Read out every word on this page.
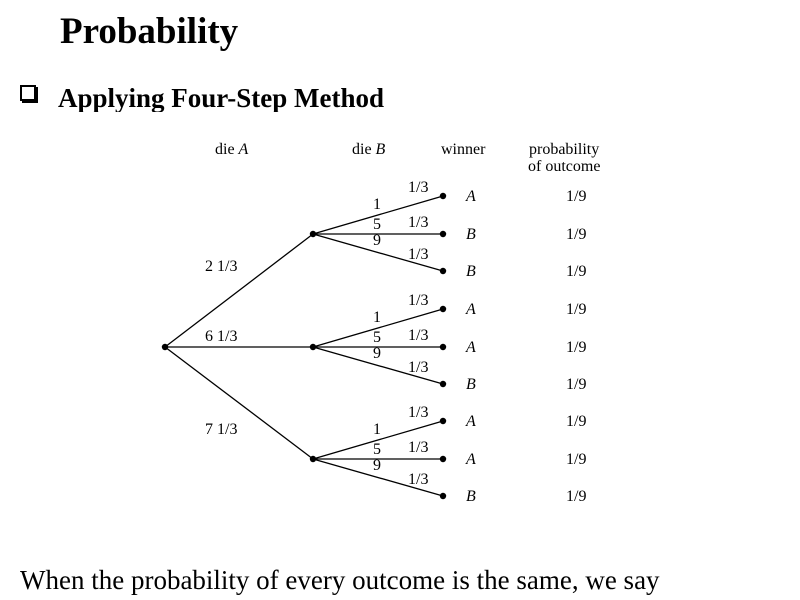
Probability
Applying Four-Step Method
die A	die B	winner	probability
of outcome
2 1/3
1
1/3
A	1/9
5 1/3
B	1/9
9
1/3
B	1/9
6 1/3
1
1/3
A	1/9
5 1/3
A	1/9
9
1/3
B	1/9
7 1/3	1
1/3
A	1/9
5 1/3
A	1/9
9
1/3
B	1/9
When the probability of every outcome is the same, we say
